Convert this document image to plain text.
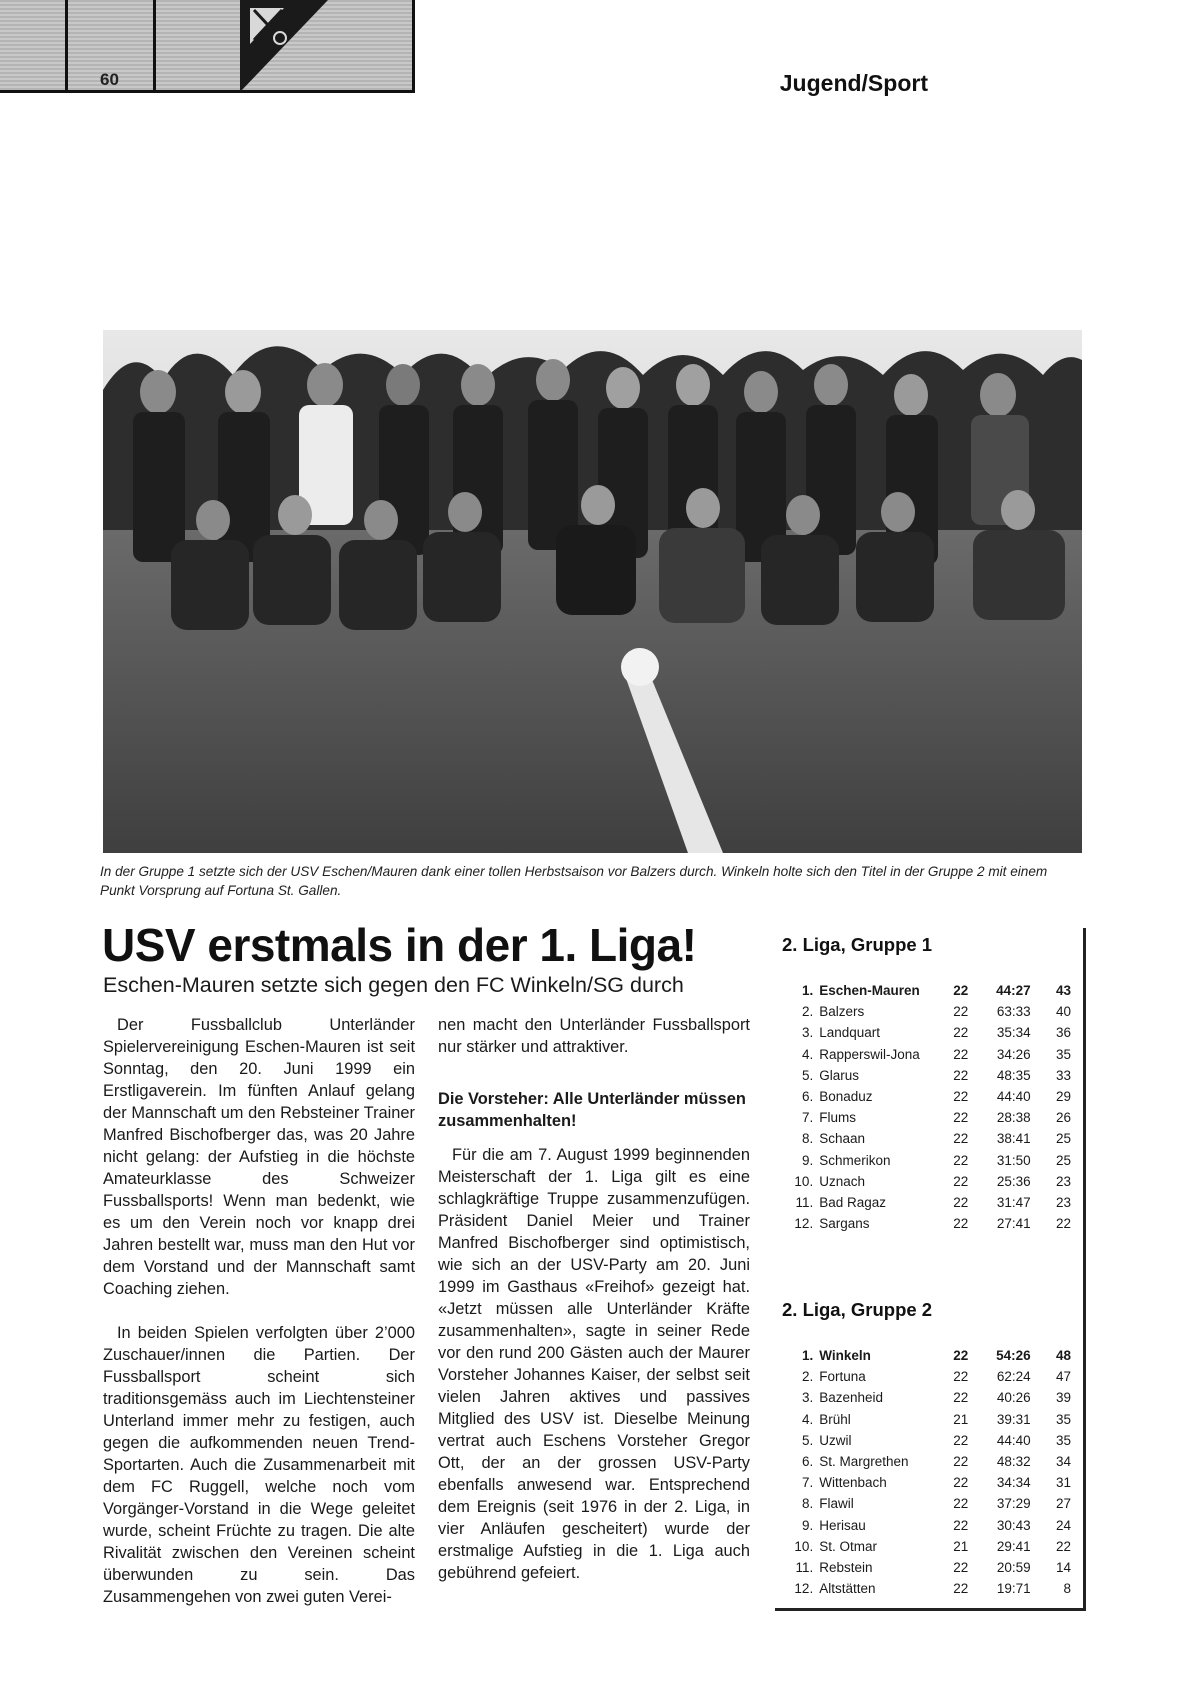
60	Jugend/Sport
In der Gruppe 1 setzte sich der USV Eschen/Mauren dank einer tollen Herbstsaison vor Balzers durch. Winkeln holte sich den Titel in der Gruppe 2 mit einem Punkt Vorsprung auf Fortuna St. Gallen.
USV erstmals in der 1. Liga!
Eschen-Mauren setzte sich gegen den FC Winkeln/SG durch

Der Fussballclub Unterländer Spielervereinigung Eschen-Mauren ist seit Sonntag, den 20. Juni 1999 ein Erstligaverein. Im fünften Anlauf gelang der Mannschaft um den Rebsteiner Trainer Manfred Bischofberger das, was 20 Jahre nicht gelang: der Aufstieg in die höchste Amateurklasse des Schweizer Fussballsports! Wenn man bedenkt, wie es um den Verein noch vor knapp drei Jahren bestellt war, muss man den Hut vor dem Vorstand und der Mannschaft samt Coaching ziehen.

In beiden Spielen verfolgten über 2’000 Zuschauer/innen die Partien. Der Fussballsport scheint sich traditionsgemäss auch im Liechtensteiner Unterland immer mehr zu festigen, auch gegen die aufkommenden neuen Trend-Sportarten. Auch die Zusammenarbeit mit dem FC Ruggell, welche noch vom Vorgänger-Vorstand in die Wege geleitet wurde, scheint Früchte zu tragen. Die alte Rivalität zwischen den Vereinen scheint überwunden zu sein. Das Zusammengehen von zwei guten Verei-

nen macht den Unterländer Fussballsport nur stärker und attraktiver.

Die Vorsteher: Alle Unterländer müssen zusammenhalten!

Für die am 7. August 1999 beginnenden Meisterschaft der 1. Liga gilt es eine schlagkräftige Truppe zusammenzufügen. Präsident Daniel Meier und Trainer Manfred Bischofberger sind optimistisch, wie sich an der USV-Party am 20. Juni 1999 im Gasthaus «Freihof» gezeigt hat. «Jetzt müssen alle Unterländer Kräfte zusammenhalten», sagte in seiner Rede vor den rund 200 Gästen auch der Maurer Vorsteher Johannes Kaiser, der selbst seit vielen Jahren aktives und passives Mitglied des USV ist. Dieselbe Meinung vertrat auch Eschens Vorsteher Gregor Ott, der an der grossen USV-Party ebenfalls anwesend war. Entsprechend dem Ereignis (seit 1976 in der 2. Liga, in vier Anläufen gescheitert) wurde der erstmalige Aufstieg in die 1. Liga auch gebührend gefeiert.

2. Liga, Gruppe 1
1.	Eschen-Mauren	22	44:27	43
2.	Balzers	22	63:33	40
3.	Landquart	22	35:34	36
4.	Rapperswil-Jona	22	34:26	35
5.	Glarus	22	48:35	33
6.	Bonaduz	22	44:40	29
7.	Flums	22	28:38	26
8.	Schaan	22	38:41	25
9.	Schmerikon	22	31:50	25
10.	Uznach	22	25:36	23
11.	Bad Ragaz	22	31:47	23
12.	Sargans	22	27:41	22
2. Liga, Gruppe 2
1.	Winkeln	22	54:26	48
2.	Fortuna	22	62:24	47
3.	Bazenheid	22	40:26	39
4.	Brühl	21	39:31	35
5.	Uzwil	22	44:40	35
6.	St. Margrethen	22	48:32	34
7.	Wittenbach	22	34:34	31
8.	Flawil	22	37:29	27
9.	Herisau	22	30:43	24
10.	St. Otmar	21	29:41	22
11.	Rebstein	22	20:59	14
12.	Altstätten	22	19:71	8
